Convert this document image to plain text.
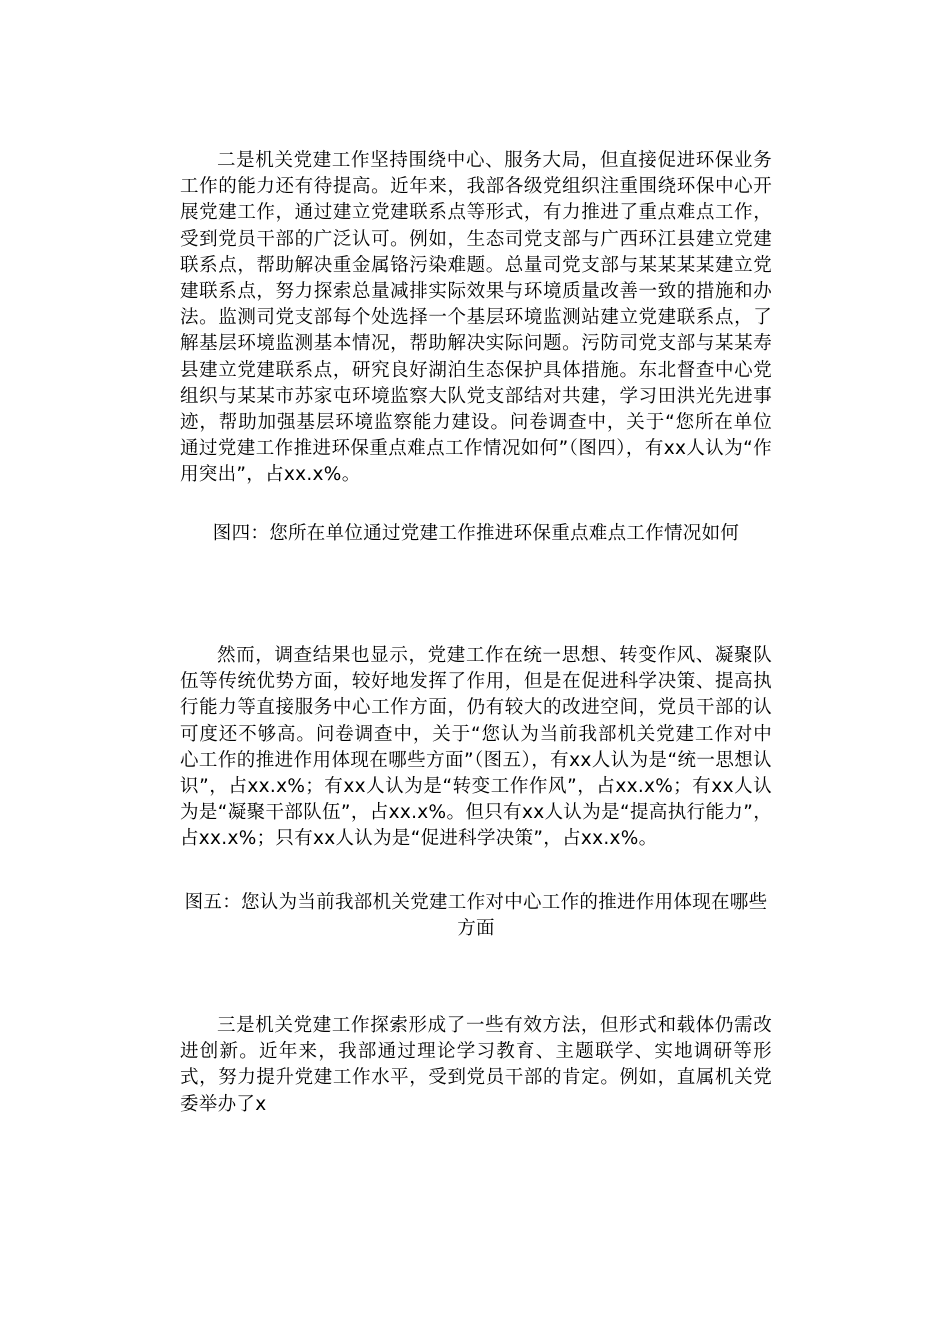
二是机关党建工作坚持围绕中心、服务大局，但直接促进环保业务工作的能力还有待提高。近年来，我部各级党组织注重围绕环保中心开展党建工作，通过建立党建联系点等形式，有力推进了重点难点工作，受到党员干部的广泛认可。例如，生态司党支部与广西环江县建立党建联系点，帮助解决重金属铬污染难题。总量司党支部与某某某某建立党建联系点，努力探索总量减排实际效果与环境质量改善一致的措施和办法。监测司党支部每个处选择一个基层环境监测站建立党建联系点，了解基层环境监测基本情况，帮助解决实际问题。污防司党支部与某某寿县建立党建联系点，研究良好湖泊生态保护具体措施。东北督查中心党组织与某某市苏家屯环境监察大队党支部结对共建，学习田洪光先进事迹，帮助加强基层环境监察能力建设。问卷调查中，关于“您所在单位通过党建工作推进环保重点难点工作情况如何”（图四），有xx人认为“作用突出”，占xx.x%。

图四：您所在单位通过党建工作推进环保重点难点工作情况如何

然而，调查结果也显示，党建工作在统一思想、转变作风、凝聚队伍等传统优势方面，较好地发挥了作用，但是在促进科学决策、提高执行能力等直接服务中心工作方面，仍有较大的改进空间，党员干部的认可度还不够高。问卷调查中，关于“您认为当前我部机关党建工作对中心工作的推进作用体现在哪些方面”（图五），有xx人认为是“统一思想认识”，占xx.x%；有xx人认为是“转变工作作风”，占xx.x%；有xx人认为是“凝聚干部队伍”，占xx.x%。但只有xx人认为是“提高执行能力”，占xx.x%；只有xx人认为是“促进科学决策”，占xx.x%。

图五：您认为当前我部机关党建工作对中心工作的推进作用体现在哪些方面

三是机关党建工作探索形成了一些有效方法，但形式和载体仍需改进创新。近年来，我部通过理论学习教育、主题联学、实地调研等形式，努力提升党建工作水平，受到党员干部的肯定。例如，直属机关党委举办了x
